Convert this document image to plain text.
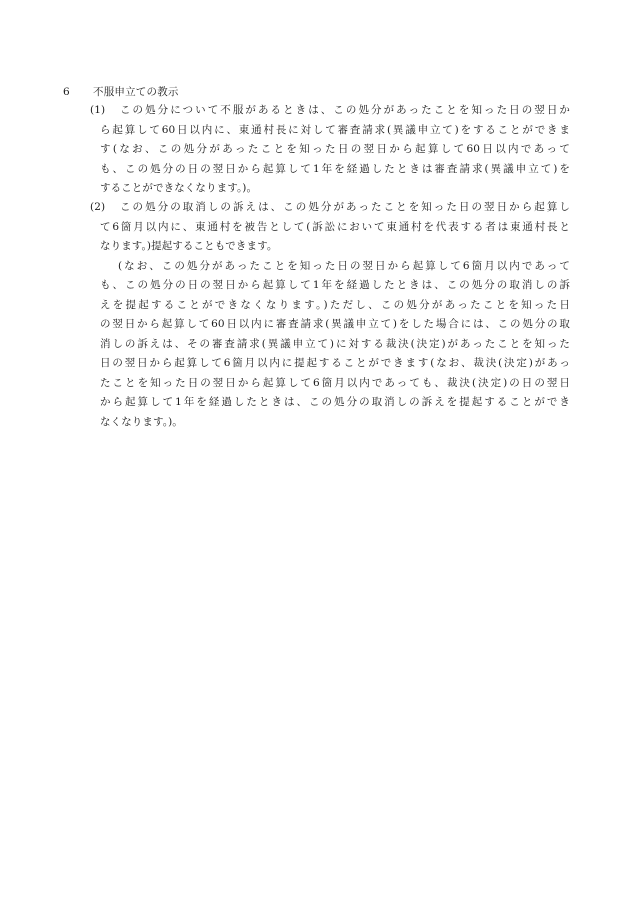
6 不服申立ての教示
(1) この処分について不服があるときは、この処分があったことを知った日の翌日か
ら起算して60日以内に、東通村長に対して審査請求(異議申立て)をすることができま
す(なお、この処分があったことを知った日の翌日から起算して60日以内であって
も、この処分の日の翌日から起算して1年を経過したときは審査請求(異議申立て)を
することができなくなります。)。
(2) この処分の取消しの訴えは、この処分があったことを知った日の翌日から起算し
て6箇月以内に、東通村を被告として(訴訟において東通村を代表する者は東通村長と
なります。)提起することもできます。
(なお、この処分があったことを知った日の翌日から起算して6箇月以内であって
も、この処分の日の翌日から起算して1年を経過したときは、この処分の取消しの訴
えを提起することができなくなります。)ただし、この処分があったことを知った日
の翌日から起算して60日以内に審査請求(異議申立て)をした場合には、この処分の取
消しの訴えは、その審査請求(異議申立て)に対する裁決(決定)があったことを知った
日の翌日から起算して6箇月以内に提起することができます(なお、裁決(決定)があっ
たことを知った日の翌日から起算して6箇月以内であっても、裁決(決定)の日の翌日
から起算して1年を経過したときは、この処分の取消しの訴えを提起することができ
なくなります。)。
